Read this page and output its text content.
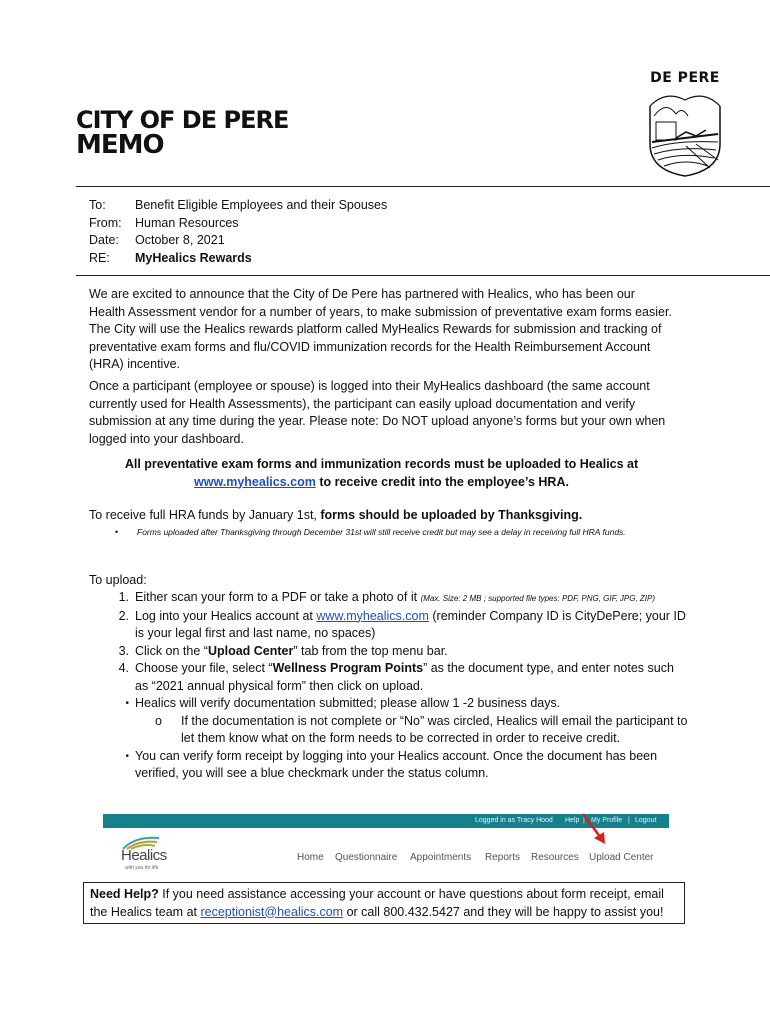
CITY OF DE PERE
MEMO
DE PERE
To: Benefit Eligible Employees and their Spouses
From: Human Resources
Date: October 8, 2021
RE: MyHealics Rewards
We are excited to announce that the City of De Pere has partnered with Healics, who has been our Health Assessment vendor for a number of years, to make submission of preventative exam forms easier. The City will use the Healics rewards platform called MyHealics Rewards for submission and tracking of preventative exam forms and flu/COVID immunization records for the Health Reimbursement Account (HRA) incentive.
Once a participant (employee or spouse) is logged into their MyHealics dashboard (the same account currently used for Health Assessments), the participant can easily upload documentation and verify submission at any time during the year. Please note: Do NOT upload anyone’s forms but your own when logged into your dashboard.
All preventative exam forms and immunization records must be uploaded to Healics at
www.myhealics.com to receive credit into the employee’s HRA.
To receive full HRA funds by January 1st, forms should be uploaded by Thanksgiving.
•	Forms uploaded after Thanksgiving through December 31st will still receive credit but may see a delay in receiving full HRA funds.
To upload:
1. Either scan your form to a PDF or take a photo of it (Max. Size: 2 MB ; supported file types: PDF, PNG, GIF, JPG, ZIP)
2. Log into your Healics account at www.myhealics.com (reminder Company ID is CityDePere; your ID is your legal first and last name, no spaces)
3. Click on the “Upload Center” tab from the top menu bar.
4. Choose your file, select “Wellness Program Points” as the document type, and enter notes such as “2021 annual physical form” then click on upload.
• Healics will verify documentation submitted; please allow 1 -2 business days.
o If the documentation is not complete or “No” was circled, Healics will email the participant to let them know what on the form needs to be corrected in order to receive credit.
• You can verify form receipt by logging into your Healics account. Once the document has been verified, you will see a blue checkmark under the status column.
Logged in as Tracy Hood Help | My Profile | Logout
Healics
with you for life
Home Questionnaire Appointments Reports Resources Upload Center
Need Help? If you need assistance accessing your account or have questions about form receipt, email the Healics team at receptionist@healics.com or call 800.432.5427 and they will be happy to assist you!
